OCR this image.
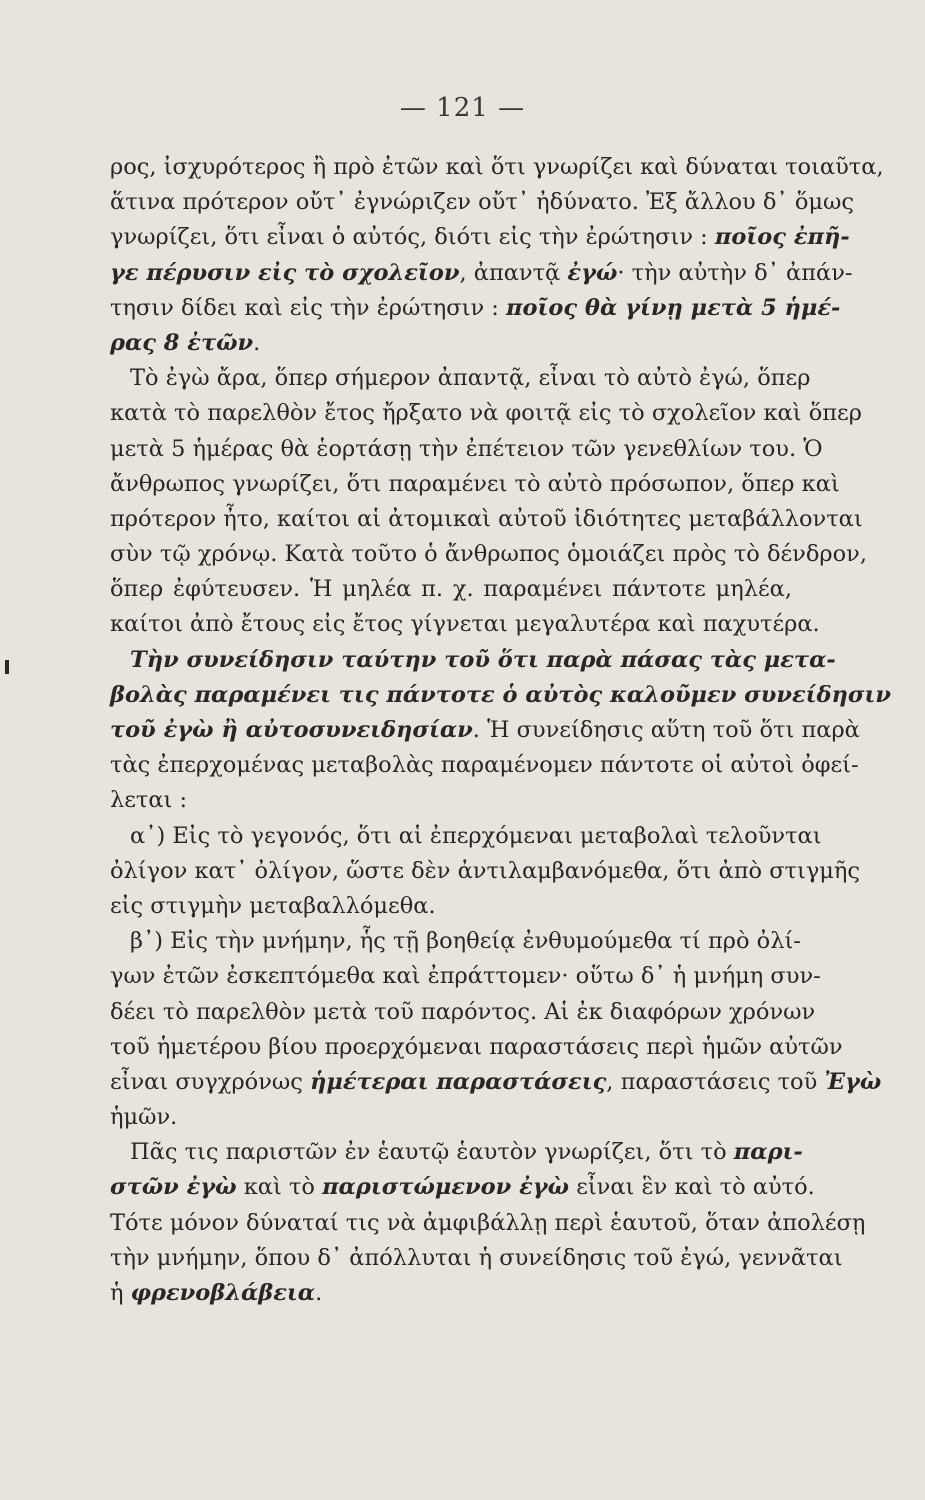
— 121 —
ρος, ἰσχυρότερος ἢ πρὸ ἐτῶν καὶ ὅτι γνωρίζει καὶ δύναται τοιαῦτα,
ἅτινα πρότερον οὔτ᾽ ἐγνώριζεν οὔτ᾽ ἠδύνατο. Ἐξ ἄλλου δ᾽ ὅμως
γνωρίζει, ὅτι εἶναι ὁ αὐτός, διότι εἰς τὴν ἐρώτησιν : ποῖος ἐπῆ-
γε πέρυσιν εἰς τὸ σχολεῖον, ἀπαντᾷ ἐγώ· τὴν αὐτὴν δ᾽ ἀπάν-
τησιν δίδει καὶ εἰς τὴν ἐρώτησιν : ποῖος θὰ γίνῃ μετὰ 5 ἡμέ-
ρας 8 ἐτῶν.
Τὸ ἐγὼ ἄρα, ὅπερ σήμερον ἀπαντᾷ, εἶναι τὸ αὐτὸ ἐγώ, ὅπερ
κατὰ τὸ παρελθὸν ἔτος ἤρξατο νὰ φοιτᾷ εἰς τὸ σχολεῖον καὶ ὅπερ
μετὰ 5 ἡμέρας θὰ ἑορτάσῃ τὴν ἐπέτειον τῶν γενεθλίων του. Ὁ
ἄνθρωπος γνωρίζει, ὅτι παραμένει τὸ αὐτὸ πρόσωπον, ὅπερ καὶ
πρότερον ἦτο, καίτοι αἱ ἀτομικαὶ αὐτοῦ ἰδιότητες μεταβάλλονται
σὺν τῷ χρόνῳ. Κατὰ τοῦτο ὁ ἄνθρωπος ὁμοιάζει πρὸς τὸ δένδρον,
ὅπερ ἐφύτευσεν. Ἡ μηλέα π. χ. παραμένει πάντοτε μηλέα,
καίτοι ἀπὸ ἔτους εἰς ἔτος γίγνεται μεγαλυτέρα καὶ παχυτέρα.
Τὴν συνείδησιν ταύτην τοῦ ὅτι παρὰ πάσας τὰς μετα-
βολὰς παραμένει τις πάντοτε ὁ αὐτὸς καλοῦμεν συνείδησιν
τοῦ ἐγὼ ἢ αὐτοσυνειδησίαν. Ἡ συνείδησις αὕτη τοῦ ὅτι παρὰ
τὰς ἐπερχομένας μεταβολὰς παραμένομεν πάντοτε οἱ αὐτοὶ ὀφεί-
λεται :
α᾽) Εἰς τὸ γεγονός, ὅτι αἱ ἐπερχόμεναι μεταβολαὶ τελοῦνται
ὀλίγον κατ᾽ ὀλίγον, ὥστε δὲν ἀντιλαμβανόμεθα, ὅτι ἀπὸ στιγμῆς
εἰς στιγμὴν μεταβαλλόμεθα.
β᾽) Εἰς τὴν μνήμην, ἧς τῇ βοηθείᾳ ἐνθυμούμεθα τί πρὸ ὀλί-
γων ἐτῶν ἐσκεπτόμεθα καὶ ἐπράττομεν· οὕτω δ᾽ ἡ μνήμη συν-
δέει τὸ παρελθὸν μετὰ τοῦ παρόντος. Αἱ ἐκ διαφόρων χρόνων
τοῦ ἡμετέρου βίου προερχόμεναι παραστάσεις περὶ ἡμῶν αὐτῶν
εἶναι συγχρόνως ἡμέτεραι παραστάσεις, παραστάσεις τοῦ Ἐγὼ
ἡμῶν.
Πᾶς τις παριστῶν ἐν ἑαυτῷ ἑαυτὸν γνωρίζει, ὅτι τὸ παρι-
στῶν ἐγὼ καὶ τὸ παριστώμενον ἐγὼ εἶναι ἓν καὶ τὸ αὐτό.
Τότε μόνον δύναταί τις νὰ ἀμφιβάλλῃ περὶ ἑαυτοῦ, ὅταν ἀπολέσῃ
τὴν μνήμην, ὅπου δ᾽ ἀπόλλυται ἡ συνείδησις τοῦ ἐγώ, γεννᾶται
ἡ φρενοβλάβεια.
